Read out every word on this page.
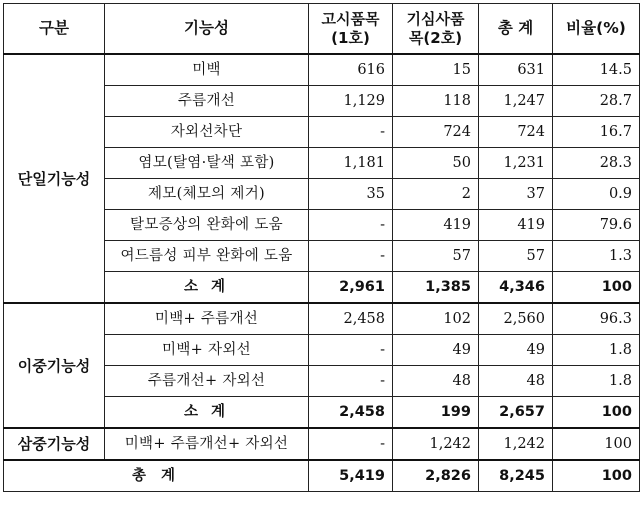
구분	기능성	고시품목(1호)	기심사품목(2호)	총 계	비율(%)
단일기능성	미백	616	15	631	14.5
	주름개선	1,129	118	1,247	28.7
	자외선차단	-	724	724	16.7
	염모(탈염·탈색 포함)	1,181	50	1,231	28.3
	제모(체모의 제거)	35	2	37	0.9
	탈모증상의 완화에 도움	-	419	419	79.6
	여드름성 피부 완화에 도움	-	57	57	1.3
	소 계	2,961	1,385	4,346	100
이중기능성	미백+ 주름개선	2,458	102	2,560	96.3
	미백+ 자외선	-	49	49	1.8
	주름개선+ 자외선	-	48	48	1.8
	소 계	2,458	199	2,657	100
삼중기능성	미백+ 주름개선+ 자외선	-	1,242	1,242	100
총 계		5,419	2,826	8,245	100
